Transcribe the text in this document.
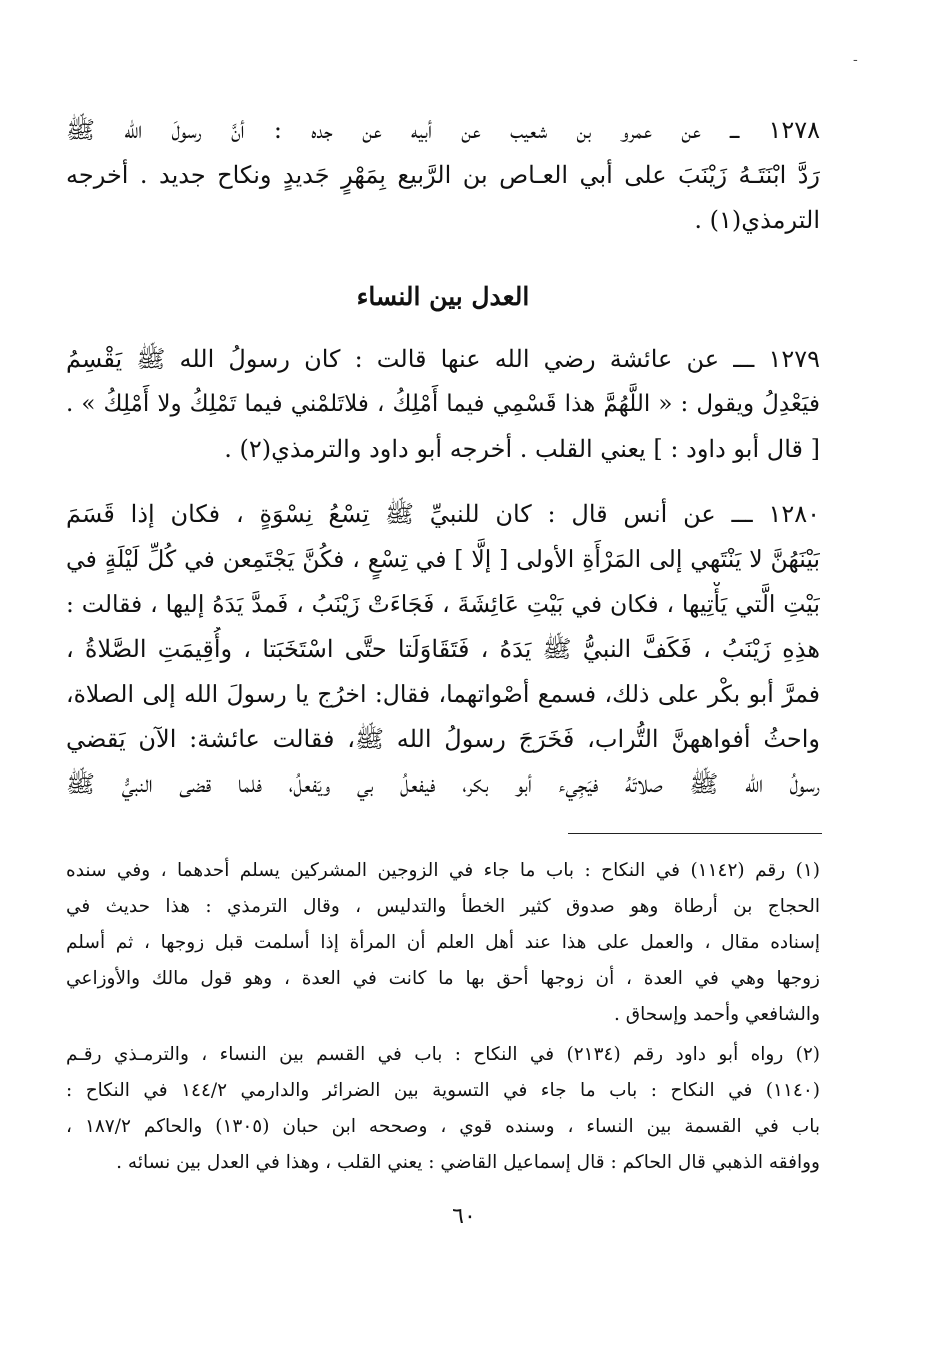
-
١٢٧٨ ـــ عن عمرو بن شعيب عن أبيه عن جده : أنَّ رسولَ الله ﷺ
رَدَّ ابْنَتَـهُ زَيْنَبَ على أبي العـاص بن الرَّبيع بِمَهْرٍ جَديدٍ ونكاح جديد . أخرجه
الترمذي(١) .
العدل بين النساء
١٢٧٩ ـــ عن عائشة رضي الله عنها قالت : كان رسولُ الله ﷺ يَقْسِمُ
فيَعْدِلُ ويقول : « اللَّهُمَّ هذا قَسْمِي فيما أَمْلِكُ ، فلاتَلمْني فيما تَمْلِكُ ولا أَمْلِكُ » .
[ قال أبو داود : ] يعني القلب . أخرجه أبو داود والترمذي(٢) .
١٢٨٠ ـــ عن أنس قال : كان للنبيِّ ﷺ تِسْعُ نِسْوَةٍ ، فكان إذا قَسَمَ
بَيْنَهُنَّ لا يَنْتَهي إلى المَرْأَةِ الأولى [ إلَّا ] في تِسْعٍ ، فكُنَّ يَجْتَمِعن في كُلِّ لَيْلَةٍ في
بَيْتِ الَّتي يَأْتِيها ، فكان في بَيْتِ عَائِشَةَ ، فَجَاءَتْ زَيْنَبُ ، فَمدَّ يَدَهُ إليها ، فقالت :
هذِهِ زَيْنَبُ ، فَكَفَّ النبيُّ ﷺ يَدَهُ ، فَتَقَاوَلَتا حتَّى اسْتَخَبَتا ، وأُقِيمَتِ الصَّلاةُ ،
فمرَّ أبو بكْر على ذلك، فسمع أصْواتهما، فقال: اخرُج يا رسولَ الله إلى الصلاة،
واحثُ أفواههنَّ التُّراب، فَخَرَجَ رسولُ الله ﷺ، فقالت عائشة: الآن يَقضي
رسولُ الله ﷺ صلاتَهُ فيَجِيء أبو بكر، فيفعلُ بي ويَفعلُ، فلما قضى النبيُّ ﷺ
(١) رقم (١١٤٢) في النكاح : باب ما جاء في الزوجين المشركين يسلم أحدهما ، وفي سنده
الحجاج بن أرطاة وهو صدوق كثير الخطأ والتدليس ، وقال الترمذي : هذا حديث في
إسناده مقال ، والعمل على هذا عند أهل العلم أن المرأة إذا أسلمت قبل زوجها ، ثم أسلم
زوجها وهي في العدة ، أن زوجها أحق بها ما كانت في العدة ، وهو قول مالك والأوزاعي
والشافعي وأحمد وإسحاق .
(٢) رواه أبو داود رقم (٢١٣٤) في النكاح : باب في القسم بين النساء ، والترمـذي رقـم
(١١٤٠) في النكاح : باب ما جاء في التسوية بين الضرائر والدارمي ١٤٤/٢ في النكاح :
باب في القسمة بين النساء ، وسنده قوي ، وصححه ابن حبان (١٣٠٥) والحاكم ١٨٧/٢ ،
ووافقه الذهبي قال الحاكم : قال إسماعيل القاضي : يعني القلب ، وهذا في العدل بين نسائه .
٦٠
